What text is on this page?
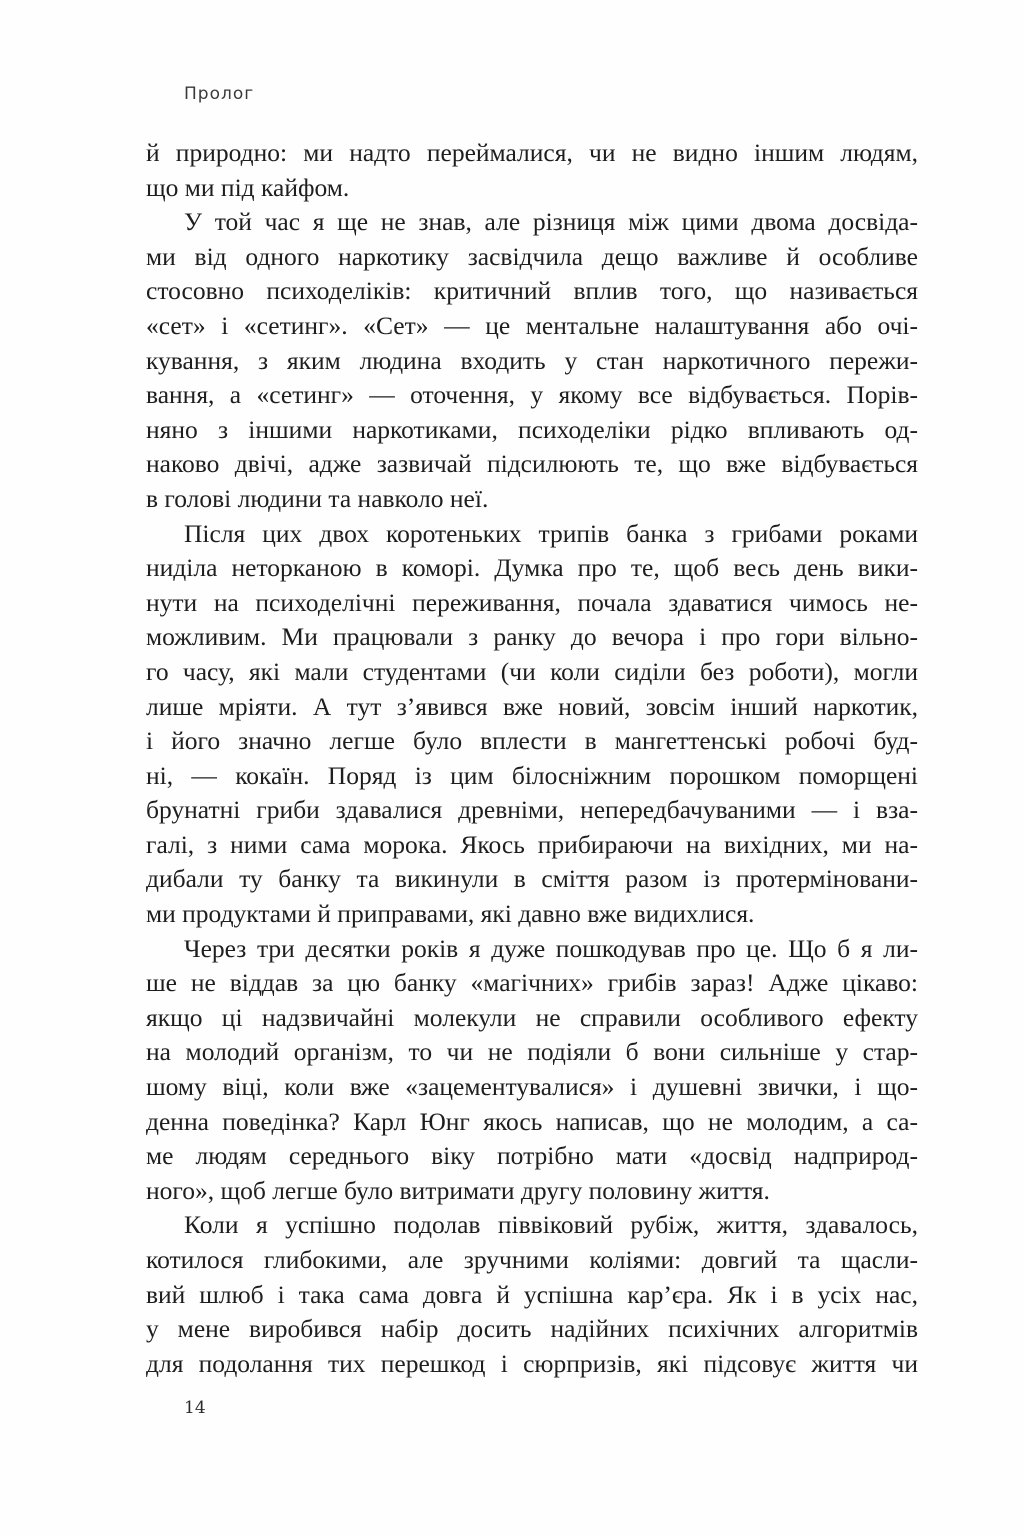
Пролог
й природно: ми надто переймалися, чи не видно іншим людям,
що ми під кайфом.
У той час я ще не знав, але різниця між цими двома досвіда-
ми від одного наркотику засвідчила дещо важливе й особливе
стосовно психоделіків: критичний вплив того, що називається
«сет» і «сетинг». «Сет» — це ментальне налаштування або очі-
кування, з яким людина входить у стан наркотичного пережи-
вання, а «сетинг» — оточення, у якому все відбувається. Порів-
няно з іншими наркотиками, психоделіки рідко впливають од-
наково двічі, адже зазвичай підсилюють те, що вже відбувається
в голові людини та навколо неї.
Після цих двох коротеньких трипів банка з грибами роками
ниділа неторканою в коморі. Думка про те, щоб весь день вики-
нути на психоделічні переживання, почала здаватися чимось не-
можливим. Ми працювали з ранку до вечора і про гори вільно-
го часу, які мали студентами (чи коли сиділи без роботи), могли
лише мріяти. А тут з’явився вже новий, зовсім інший наркотик,
і його значно легше було вплести в мангеттенські робочі буд-
ні, — кокаїн. Поряд із цим білосніжним порошком поморщені
брунатні гриби здавалися древніми, непередбачуваними — і вза-
галі, з ними сама морока. Якось прибираючи на вихідних, ми на-
дибали ту банку та викинули в сміття разом із протерміновани-
ми продуктами й приправами, які давно вже видихлися.
Через три десятки років я дуже пошкодував про це. Що б я ли-
ше не віддав за цю банку «магічних» грибів зараз! Адже цікаво:
якщо ці надзвичайні молекули не справили особливого ефекту
на молодий організм, то чи не подіяли б вони сильніше у стар-
шому віці, коли вже «зацементувалися» і душевні звички, і що-
денна поведінка? Карл Юнг якось написав, що не молодим, а са-
ме людям середнього віку потрібно мати «досвід надприрод-
ного», щоб легше було витримати другу половину життя.
Коли я успішно подолав піввіковий рубіж, життя, здавалось,
котилося глибокими, але зручними коліями: довгий та щасли-
вий шлюб і така сама довга й успішна кар’єра. Як і в усіх нас,
у мене виробився набір досить надійних психічних алгоритмів
для подолання тих перешкод і сюрпризів, які підсовує життя чи
14
